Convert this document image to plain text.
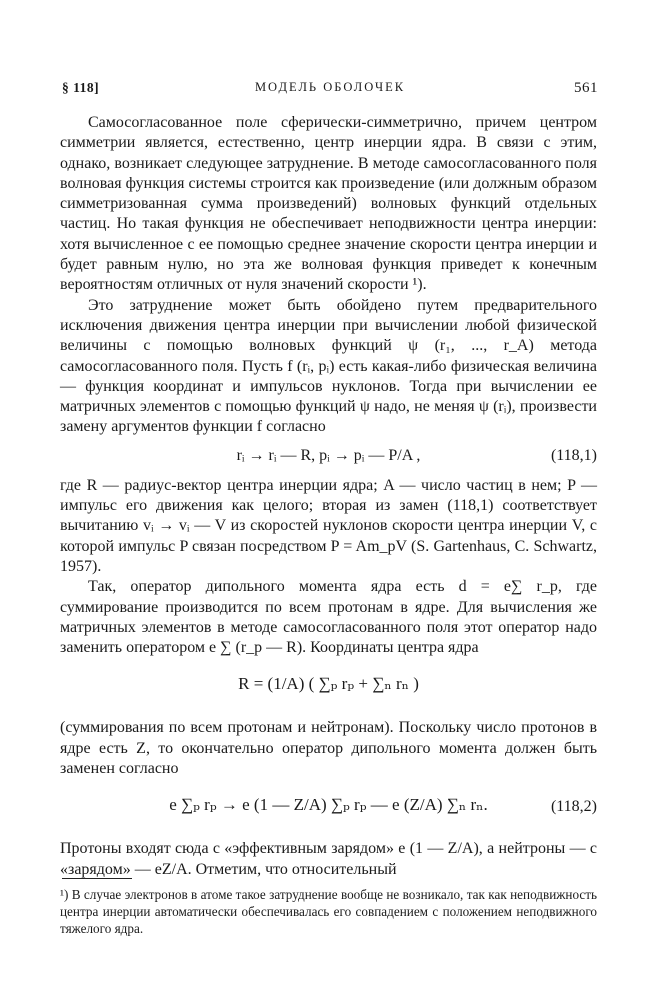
§ 118]	МОДЕЛЬ ОБОЛОЧЕК	561

Самосогласованное поле сферически-симметрично, причем центром симметрии является, естественно, центр инерции ядра. В связи с этим, однако, возникает следующее затруднение. В методе самосогласованного поля волновая функция системы строится как произведение (или должным образом симметризованная сумма произведений) волновых функций отдельных частиц. Но такая функция не обеспечивает неподвижности центра инерции: хотя вычисленное с ее помощью среднее значение скорости центра инерции и будет равным нулю, но эта же волновая функция приведет к конечным вероятностям отличных от нуля значений скорости ¹).

Это затруднение может быть обойдено путем предварительного исключения движения центра инерции при вычислении любой физической величины с помощью волновых функций ψ (r₁, ..., r_A) метода самосогласованного поля. Пусть f (rᵢ, pᵢ) есть какая-либо физическая величина — функция координат и импульсов нуклонов. Тогда при вычислении ее матричных элементов с помощью функций ψ надо, не меняя ψ (rᵢ), произвести замену аргументов функции f согласно

rᵢ → rᵢ — R, pᵢ → pᵢ — P/A ,	(118,1)

где R — радиус-вектор центра инерции ядра; A — число частиц в нем; P — импульс его движения как целого; вторая из замен (118,1) соответствует вычитанию vᵢ → vᵢ — V из скоростей нуклонов скорости центра инерции V, с которой импульс P связан посредством P = Am_pV (S. Gartenhaus, C. Schwartz, 1957).

Так, оператор дипольного момента ядра есть d = e∑ r_p, где суммирование производится по всем протонам в ядре. Для вычисления же матричных элементов в методе самосогласованного поля этот оператор надо заменить оператором e ∑ (r_p — R). Координаты центра ядра

R = (1/A) ( ∑ₚ rₚ + ∑ₙ rₙ )

(суммирования по всем протонам и нейтронам). Поскольку число протонов в ядре есть Z, то окончательно оператор дипольного момента должен быть заменен согласно

e ∑ₚ rₚ → e (1 — Z/A) ∑ₚ rₚ — e (Z/A) ∑ₙ rₙ.	(118,2)

Протоны входят сюда с «эффективным зарядом» e (1 — Z/A), а нейтроны — с «зарядом» — eZ/A. Отметим, что относительный

¹) В случае электронов в атоме такое затруднение вообще не возникало, так как неподвижность центра инерции автоматически обеспечивалась его совпадением с положением неподвижного тяжелого ядра.
